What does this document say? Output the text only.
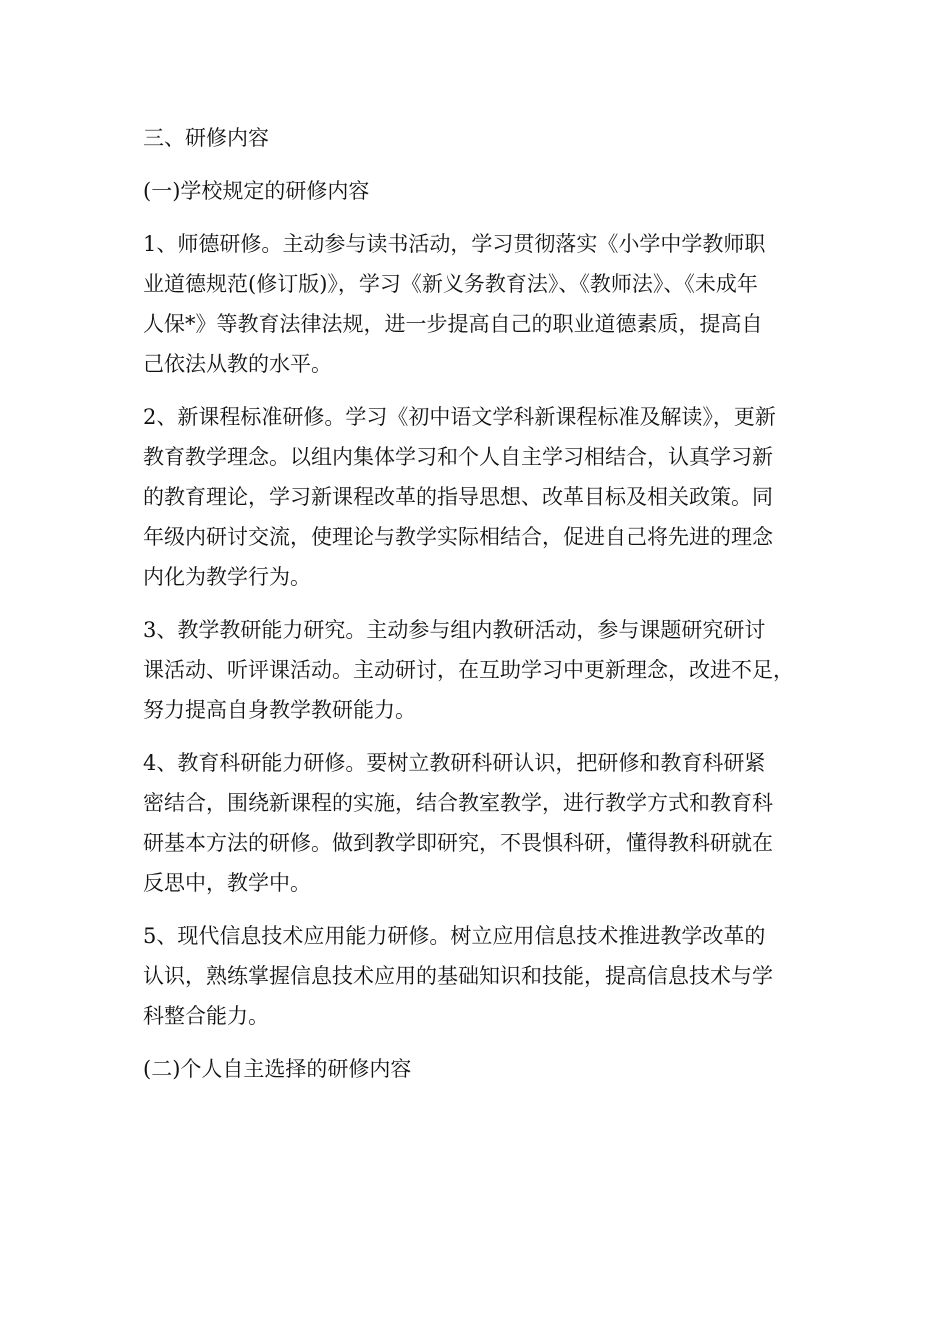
三、研修内容
(一)学校规定的研修内容
1、师德研修。主动参与读书活动，学习贯彻落实《小学中学教师职
业道德规范(修订版)》，学习《新义务教育法》、《教师法》、《未成年
人保*》等教育法律法规，进一步提高自己的职业道德素质，提高自
己依法从教的水平。
2、新课程标准研修。学习《初中语文学科新课程标准及解读》，更新
教育教学理念。以组内集体学习和个人自主学习相结合，认真学习新
的教育理论，学习新课程改革的指导思想、改革目标及相关政策。同
年级内研讨交流，使理论与教学实际相结合，促进自己将先进的理念
内化为教学行为。
3、教学教研能力研究。主动参与组内教研活动，参与课题研究研讨
课活动、听评课活动。主动研讨，在互助学习中更新理念，改进不足，
努力提高自身教学教研能力。
4、教育科研能力研修。要树立教研科研认识，把研修和教育科研紧
密结合，围绕新课程的实施，结合教室教学，进行教学方式和教育科
研基本方法的研修。做到教学即研究，不畏惧科研，懂得教科研就在
反思中，教学中。
5、现代信息技术应用能力研修。树立应用信息技术推进教学改革的
认识，熟练掌握信息技术应用的基础知识和技能，提高信息技术与学
科整合能力。
(二)个人自主选择的研修内容
